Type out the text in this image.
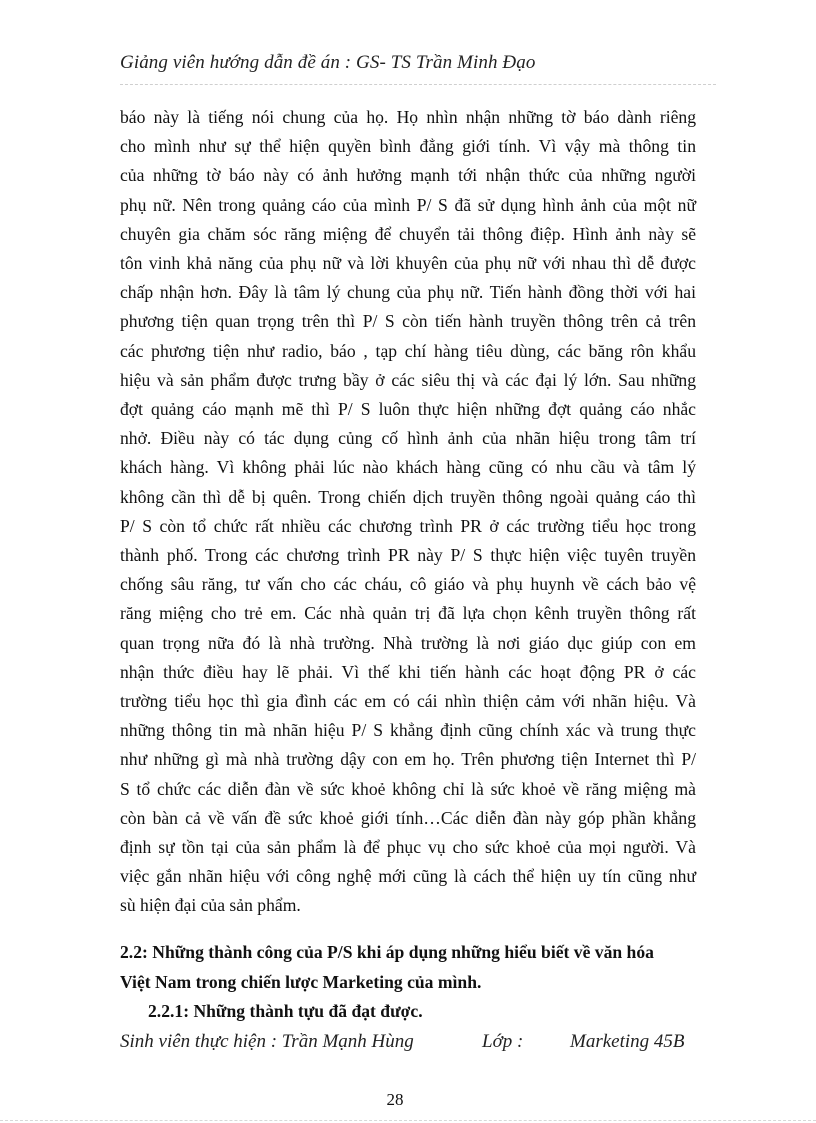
Giảng viên hướng dẫn đề án : GS- TS Trần Minh Đạo
báo này là tiếng nói chung của họ. Họ nhìn nhận những tờ báo dành riêng
cho mình như sự thể hiện quyền bình đẳng giới tính. Vì vậy mà thông tin
của những tờ báo này có ảnh hưởng mạnh tới nhận thức của những người
phụ nữ. Nên trong quảng cáo của mình P/ S đã sử dụng hình ảnh của một nữ
chuyên gia chăm sóc răng miệng để chuyển tải thông điệp. Hình ảnh này sẽ
tôn vinh khả năng của phụ nữ và lời khuyên của phụ nữ với nhau thì dễ được
chấp nhận hơn. Đây là tâm lý chung của phụ nữ. Tiến hành đồng thời với hai
phương tiện quan trọng trên thì P/ S còn tiến hành truyền thông trên cả trên
các phương tiện như radio, báo , tạp chí hàng tiêu dùng, các băng rôn khẩu
hiệu và sản phẩm được trưng bầy ở các siêu thị và các đại lý lớn. Sau những
đợt quảng cáo mạnh mẽ thì P/ S luôn thực hiện những đợt quảng cáo nhắc
nhở. Điều này có tác dụng củng cố hình ảnh của nhãn hiệu trong tâm trí
khách hàng. Vì không phải lúc nào khách hàng cũng có nhu cầu và tâm lý
không cần thì dễ bị quên. Trong chiến dịch truyền thông ngoài quảng cáo thì
P/ S còn tổ chức rất nhiều các chương trình PR ở các trường tiểu học trong
thành phố. Trong các chương trình PR này P/ S thực hiện việc tuyên truyền
chống sâu răng, tư vấn cho các cháu, cô giáo và phụ huynh về cách bảo vệ
răng miệng cho trẻ em. Các nhà quản trị đã lựa chọn kênh truyền thông rất
quan trọng nữa đó là nhà trường. Nhà trường là nơi giáo dục giúp con em
nhận thức điều hay lẽ phải. Vì thế khi tiến hành các hoạt động PR ở các
trường tiểu học thì gia đình các em có cái nhìn thiện cảm với nhãn hiệu. Và
những thông tin mà nhãn hiệu P/ S khẳng định cũng chính xác và trung thực
như những gì mà nhà trường dậy con em họ. Trên phương tiện Internet thì P/
S tổ chức các diễn đàn về sức khoẻ không chỉ là sức khoẻ về răng miệng mà
còn bàn cả về vấn đề sức khoẻ giới tính…Các diễn đàn này góp phần khẳng
định sự tồn tại của sản phẩm là để phục vụ cho sức khoẻ của mọi người. Và
việc gắn nhãn hiệu với công nghệ mới cũng là cách thể hiện uy tín cũng như
sù hiện đại của sản phẩm.
2.2: Những thành công của P/S khi áp dụng những hiểu biết về văn hóa
Việt Nam trong chiến lược Marketing của mình.
2.2.1: Những thành tựu đã đạt được.
Sinh viên thực hiện : Trần Mạnh Hùng	Lớp : Marketing 45B
28
